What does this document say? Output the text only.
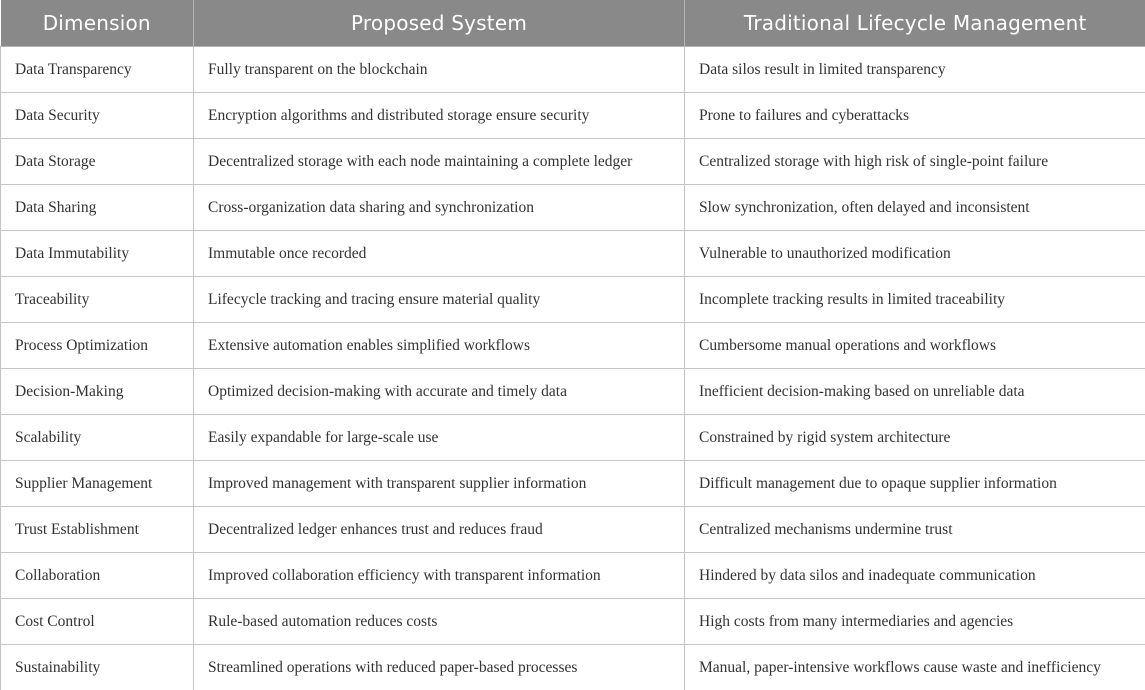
Dimension	Proposed System	Traditional Lifecycle Management
Data Transparency	Fully transparent on the blockchain	Data silos result in limited transparency
Data Security	Encryption algorithms and distributed storage ensure security	Prone to failures and cyberattacks
Data Storage	Decentralized storage with each node maintaining a complete ledger	Centralized storage with high risk of single-point failure
Data Sharing	Cross-organization data sharing and synchronization	Slow synchronization, often delayed and inconsistent
Data Immutability	Immutable once recorded	Vulnerable to unauthorized modification
Traceability	Lifecycle tracking and tracing ensure material quality	Incomplete tracking results in limited traceability
Process Optimization	Extensive automation enables simplified workflows	Cumbersome manual operations and workflows
Decision-Making	Optimized decision-making with accurate and timely data	Inefficient decision-making based on unreliable data
Scalability	Easily expandable for large-scale use	Constrained by rigid system architecture
Supplier Management	Improved management with transparent supplier information	Difficult management due to opaque supplier information
Trust Establishment	Decentralized ledger enhances trust and reduces fraud	Centralized mechanisms undermine trust
Collaboration	Improved collaboration efficiency with transparent information	Hindered by data silos and inadequate communication
Cost Control	Rule-based automation reduces costs	High costs from many intermediaries and agencies
Sustainability	Streamlined operations with reduced paper-based processes	Manual, paper-intensive workflows cause waste and inefficiency
